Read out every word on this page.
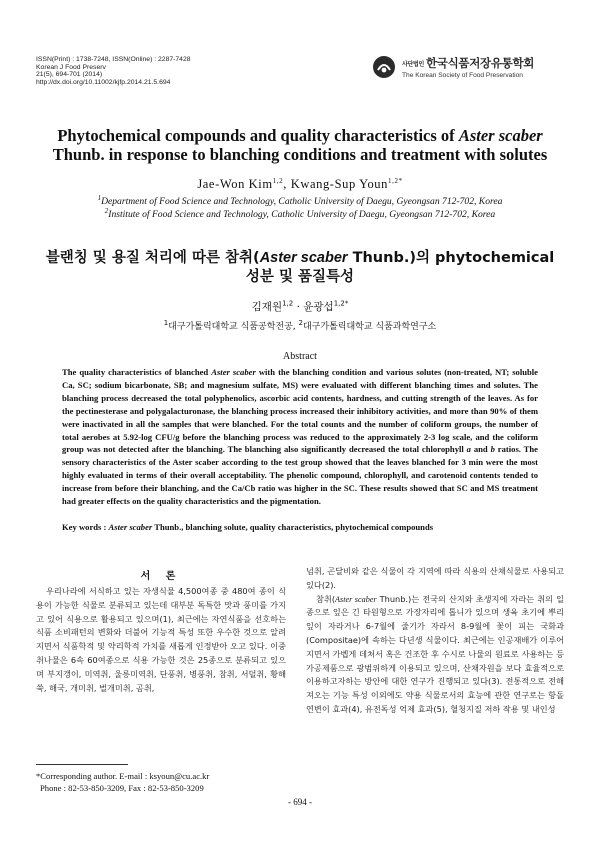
ISSN(Print) : 1738-7248, ISSN(Online) : 2287-7428
Korean J Food Preserv
21(5), 694-701 (2014)
http://dx.doi.org/10.11002/kjfp.2014.21.5.694
사단법인 한국식품저장유통학회
The Korean Society of Food Preservation
Phytochemical compounds and quality characteristics of Aster scaber
Thunb. in response to blanching conditions and treatment with solutes
Jae-Won Kim$^{1,2}$, Kwang-Sup Youn$^{1,2*}$
$^1$Department of Food Science and Technology, Catholic University of Daegu, Gyeongsan 712-702, Korea
$^2$Institute of Food Science and Technology, Catholic University of Daegu, Gyeongsan 712-702, Korea
블랜칭 및 용질 처리에 따른 참취(Aster scaber Thunb.)의 phytochemical
성분 및 품질특성
김재원$^{1,2}$ · 윤광섭$^{1,2*}$
$^1$대구가톨릭대학교 식품공학전공, $^2$대구가톨릭대학교 식품과학연구소
Abstract
The quality characteristics of blanched Aster scaber with the blanching condition and various solutes (non-treated, NT; soluble Ca, SC; sodium bicarbonate, SB; and magnesium sulfate, MS) were evaluated with different blanching times and solutes. The blanching process decreased the total polyphenolics, ascorbic acid contents, hardness, and cutting strength of the leaves. As for the pectinesterase and polygalacturonase, the blanching process increased their inhibitory activities, and more than 90% of them were inactivated in all the samples that were blanched. For the total counts and the number of coliform groups, the number of total aerobes at 5.92-log CFU/g before the blanching process was reduced to the approximately 2-3 log scale, and the coliform group was not detected after the blanching. The blanching also significantly decreased the total chlorophyll a and b ratios. The sensory characteristics of the Aster scaber according to the test group showed that the leaves blanched for 3 min were the most highly evaluated in terms of their overall acceptability. The phenolic compound, chlorophyll, and carotenoid contents tended to increase from before their blanching, and the Ca/Cb ratio was higher in the SC. These results showed that SC and MS treatment had greater effects on the quality characteristics and the pigmentation.
Key words : Aster scaber Thunb., blanching solute, quality characteristics, phytochemical compounds
서 론

우리나라에 서식하고 있는 자생식물 4,500여종 중 480여 종이 식용이 가능한 식물로 분류되고 있는데 대부분 독특한 맛과 풍미를 가지고 있어 식용으로 활용되고 있으며(1), 최근에는 자연식품을 선호하는 식품 소비패턴의 변화와 더불어 기능적 특성 또한 우수한 것으로 알려지면서 식품학적 및 약리학적 가치를 새롭게 인정받아 오고 있다. 이중 취나물은 6속 60여종으로 식용 가능한 것은 25종으로 분류되고 있으며 부지갱이, 미역취, 울릉미역취, 단풍취, 병풍취, 참취, 서덜취, 황해쑥, 해국, 개미취, 벌개미취, 곰취,

넘취, 곤달비와 같은 식물이 각 지역에 따라 식용의 산채식물로 사용되고 있다(2).

참취(Aster scaber Thunb.)는 전국의 산지와 초생지에 자라는 취의 일종으로 잎은 긴 타원형으로 가장자리에 톱니가 있으며 생육 초기에 뿌리 잎이 자라거나 6-7월에 줄기가 자라서 8-9월에 꽃이 피는 국화과(Compositae)에 속하는 다년생 식물이다. 최근에는 인공재배가 이루어지면서 가벱게 데쳐서 혹은 건조한 후 수시로 나물의 원료로 사용하는 등 가공제품으로 광범위하게 이용되고 있으며, 산채자원을 보다 효율적으로 이용하고자하는 방안에 대한 연구가 진행되고 있다(3). 전통적으로 전해져오는 기능 특성 이외에도 약용 식물로서의 효능에 관한 연구로는 항돌연변이 효과(4), 유전독성 억제 효과(5), 혈청지질 저하 작용 및 내인성

*Corresponding author. E-mail : ksyoun@cu.ac.kr
Phone : 82-53-850-3209, Fax : 82-53-850-3209
- 694 -
